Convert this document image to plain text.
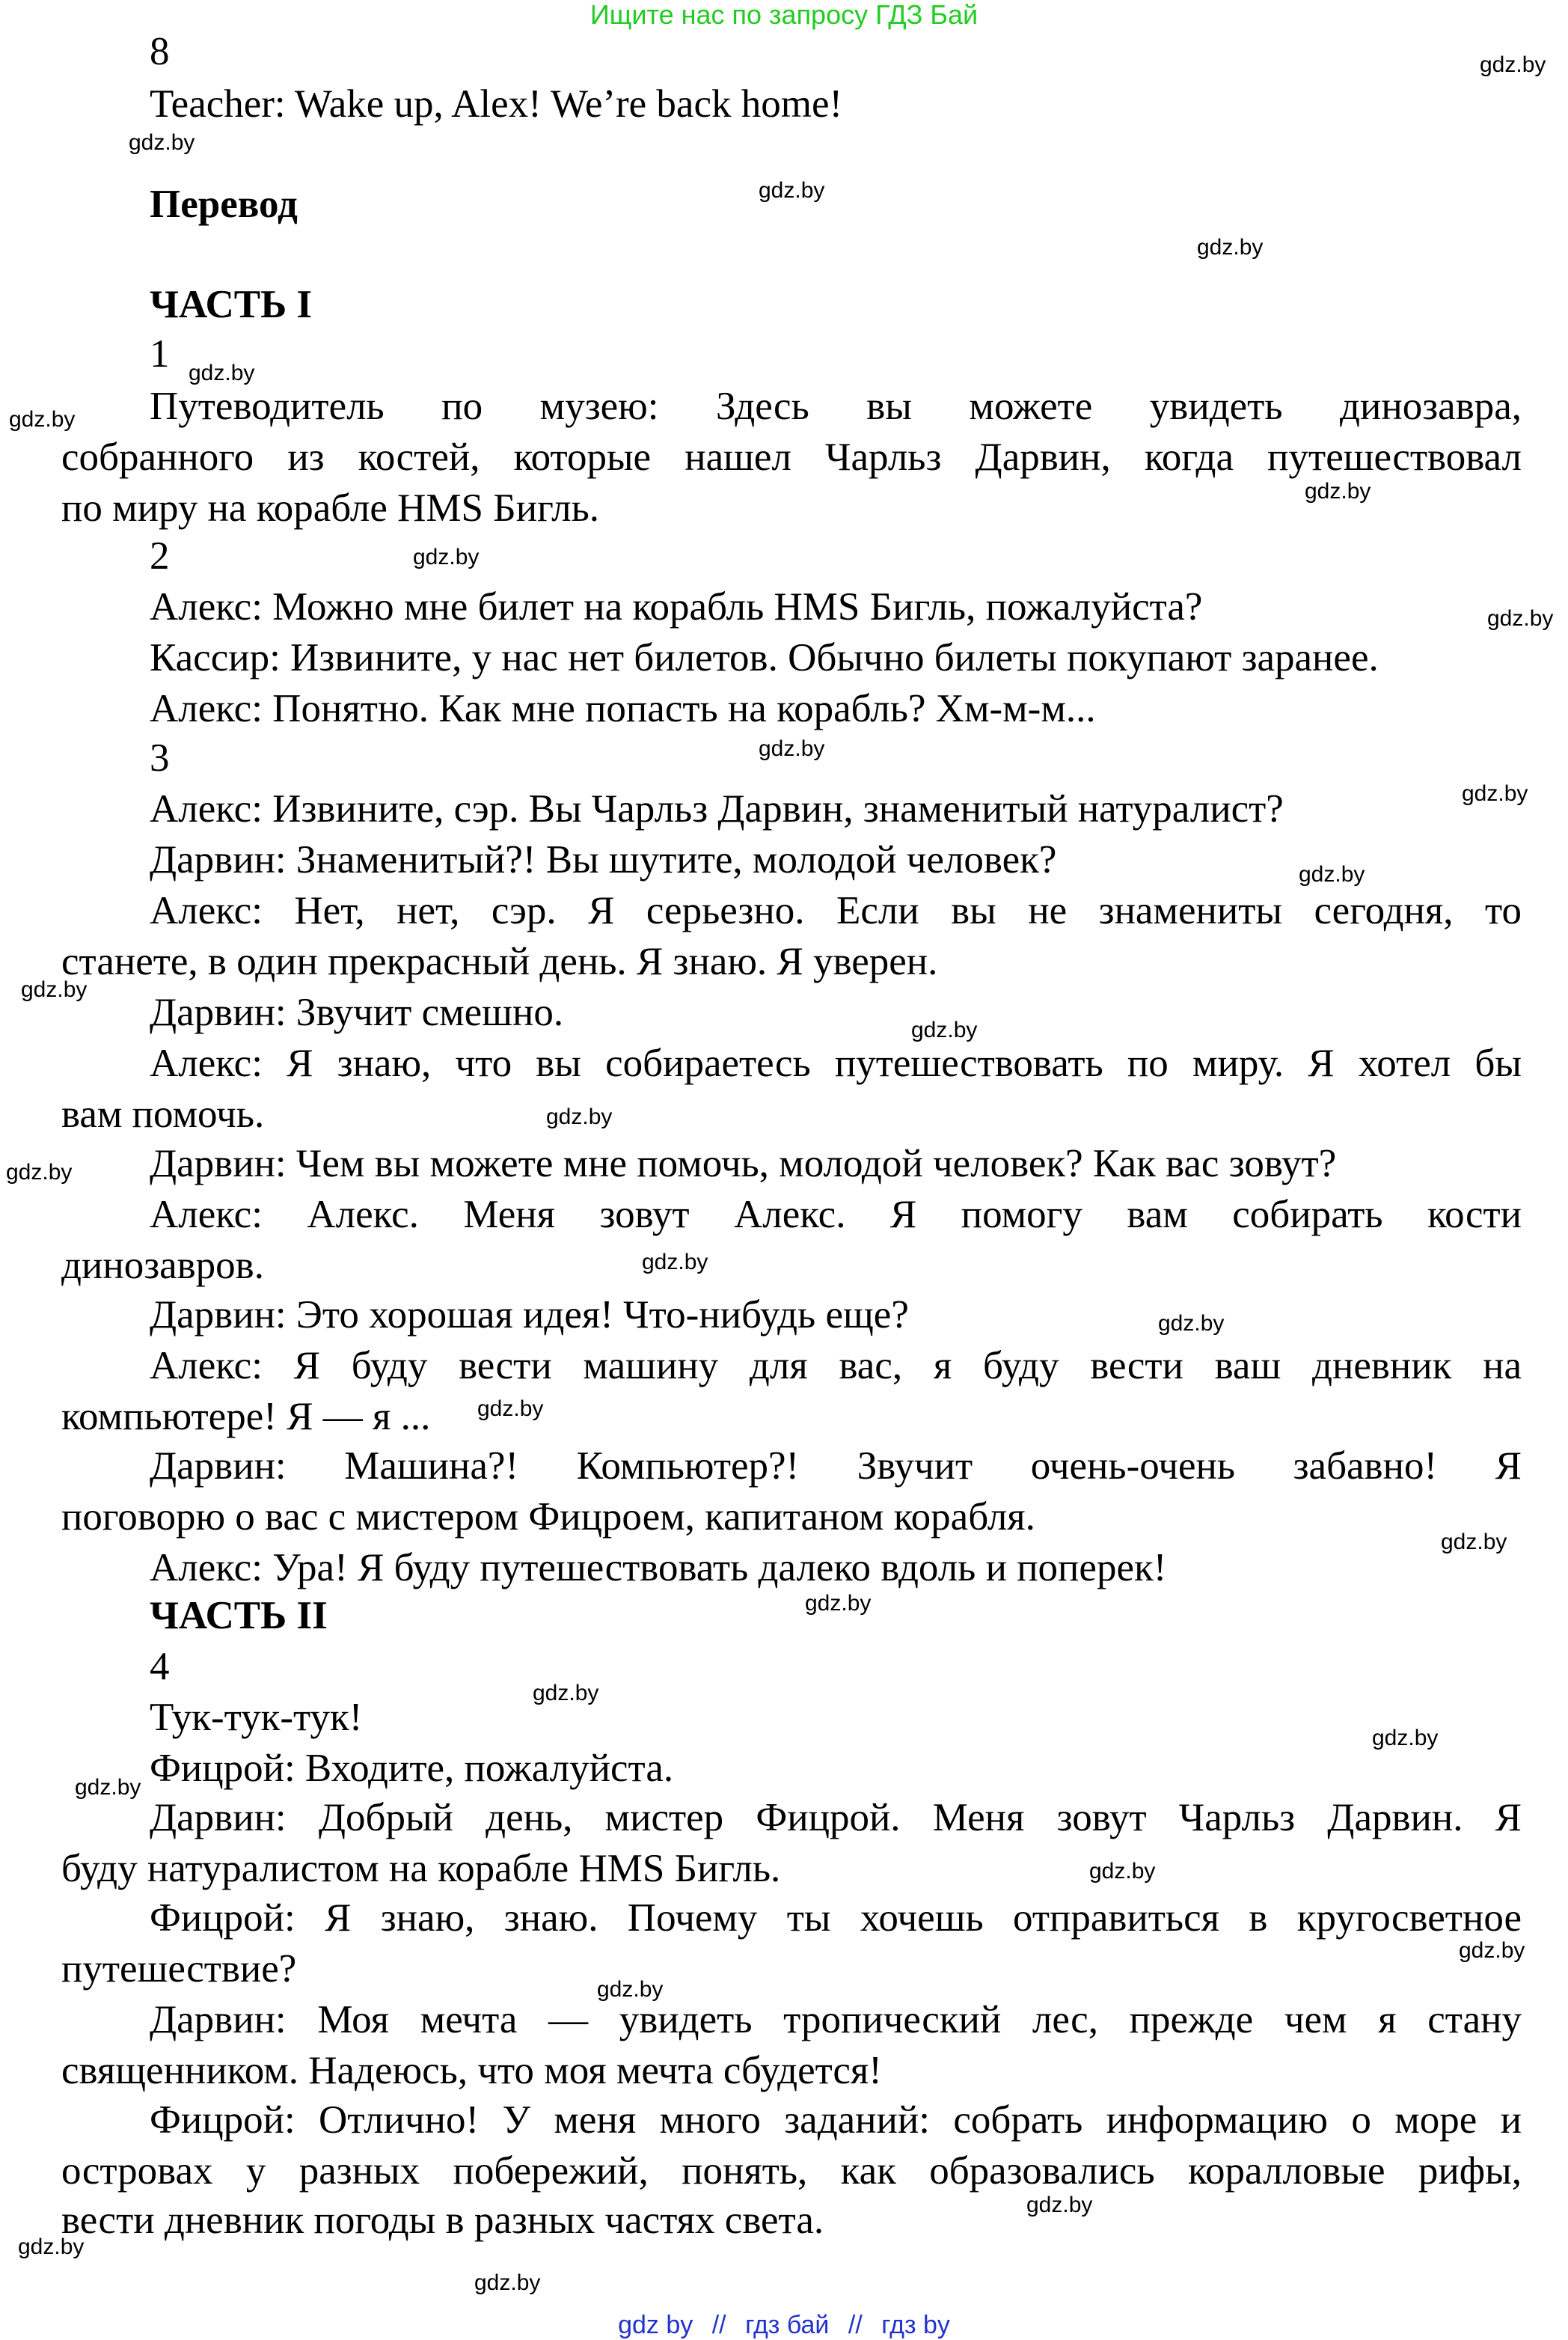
Ищите нас по запросу ГДЗ Бай
8
Teacher: Wake up, Alex! We’re back home!
Перевод
ЧАСТЬ I
1
Путеводитель по музею: Здесь вы можете увидеть динозавра,
собранного из костей, которые нашел Чарльз Дарвин, когда путешествовал
по миру на корабле HMS Бигль.
2
Алекс: Можно мне билет на корабль HMS Бигль, пожалуйста?
Кассир: Извините, у нас нет билетов. Обычно билеты покупают заранее.
Алекс: Понятно. Как мне попасть на корабль? Хм-м-м...
3
Алекс: Извините, сэр. Вы Чарльз Дарвин, знаменитый натуралист?
Дарвин: Знаменитый?! Вы шутите, молодой человек?
Алекс: Нет, нет, сэр. Я серьезно. Если вы не знамениты сегодня, то
станете, в один прекрасный день. Я знаю. Я уверен.
Дарвин: Звучит смешно.
Алекс: Я знаю, что вы собираетесь путешествовать по миру. Я хотел бы
вам помочь.
Дарвин: Чем вы можете мне помочь, молодой человек? Как вас зовут?
Алекс: Алекс. Меня зовут Алекс. Я помогу вам собирать кости
динозавров.
Дарвин: Это хорошая идея! Что-нибудь еще?
Алекс: Я буду вести машину для вас, я буду вести ваш дневник на
компьютере! Я — я ...
Дарвин: Машина?! Компьютер?! Звучит очень-очень забавно! Я
поговорю о вас с мистером Фицроем, капитаном корабля.
Алекс: Ура! Я буду путешествовать далеко вдоль и поперек!
ЧАСТЬ II
4
Тук-тук-тук!
Фицрой: Входите, пожалуйста.
Дарвин: Добрый день, мистер Фицрой. Меня зовут Чарльз Дарвин. Я
буду натуралистом на корабле HMS Бигль.
Фицрой: Я знаю, знаю. Почему ты хочешь отправиться в кругосветное
путешествие?
Дарвин: Моя мечта — увидеть тропический лес, прежде чем я стану
священником. Надеюсь, что моя мечта сбудется!
Фицрой: Отлично! У меня много заданий: собрать информацию о море и
островах у разных побережий, понять, как образовались коралловые рифы,
вести дневник погоды в разных частях света.
gdz.by
gdz.by
gdz.by
gdz.by
gdz.by
gdz.by
gdz.by
gdz.by
gdz.by
gdz.by
gdz.by
gdz.by
gdz.by
gdz.by
gdz.by
gdz.by
gdz.by
gdz.by
gdz.by
gdz.by
gdz.by
gdz.by
gdz.by
gdz.by
gdz.by
gdz.by
gdz.by
gdz.by
gdz.by
gdz.by
gdz by // гдз бай // гдз by
